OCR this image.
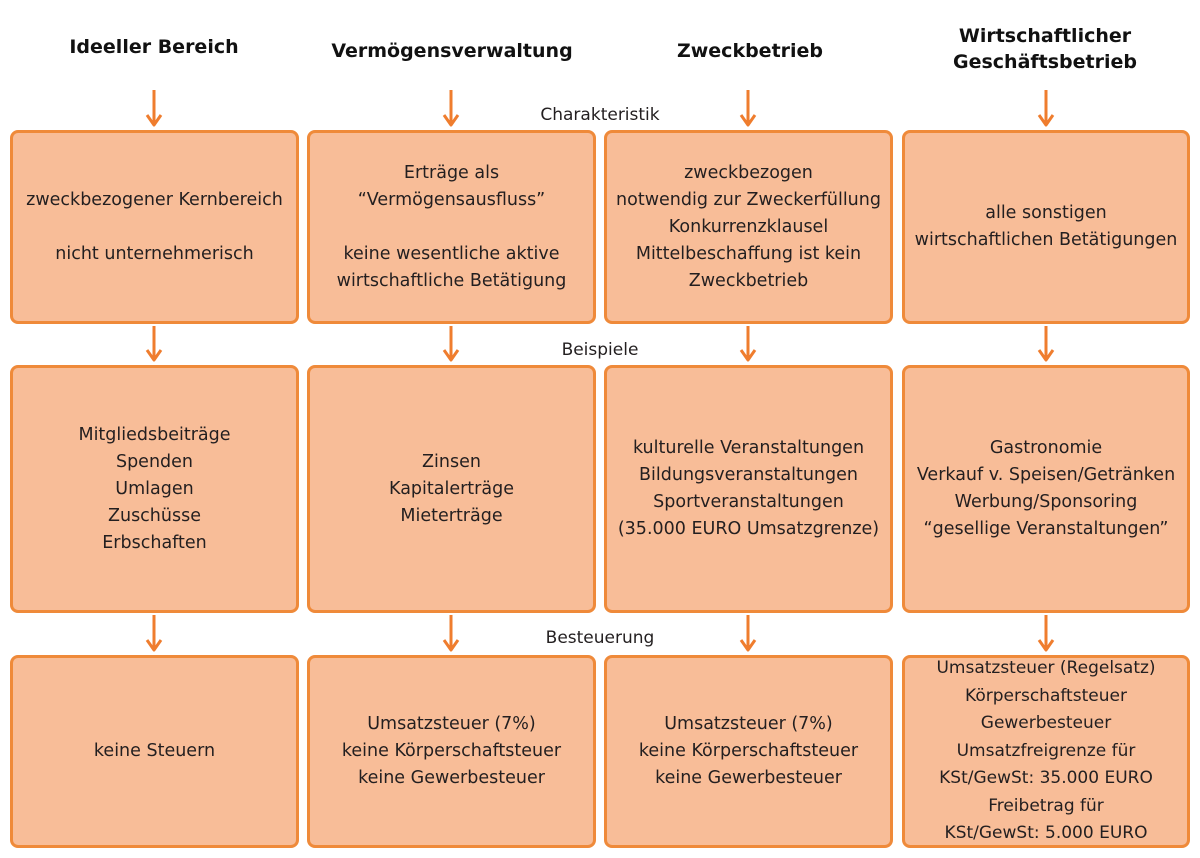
Ideeller Bereich	Vermögensverwaltung	Zweckbetrieb
Wirtschaftlicher
Geschäftsbetrieb
Charakteristik
Beispiele
Besteuerung
zweckbezogener Kernbereich
nicht unternehmerisch
Erträge als
“Vermögensausfluss”
keine wesentliche aktive
wirtschaftliche Betätigung
zweckbezogen
notwendig zur Zweckerfüllung
Konkurrenzklausel
Mittelbeschaffung ist kein
Zweckbetrieb
alle sonstigen
wirtschaftlichen Betätigungen
Mitgliedsbeiträge
Spenden
Umlagen
Zuschüsse
Erbschaften
Zinsen
Kapitalerträge
Mieterträge
kulturelle Veranstaltungen
Bildungsveranstaltungen
Sportveranstaltungen
(35.000 EURO Umsatzgrenze)
Gastronomie
Verkauf v. Speisen/Getränken
Werbung/Sponsoring
“gesellige Veranstaltungen”
keine Steuern
Umsatzsteuer (7%)
keine Körperschaftsteuer
keine Gewerbesteuer
Umsatzsteuer (7%)
keine Körperschaftsteuer
keine Gewerbesteuer
Umsatzsteuer (Regelsatz)
Körperschaftsteuer
Gewerbesteuer
Umsatzfreigrenze für
KSt/GewSt: 35.000 EURO
Freibetrag für
KSt/GewSt: 5.000 EURO
